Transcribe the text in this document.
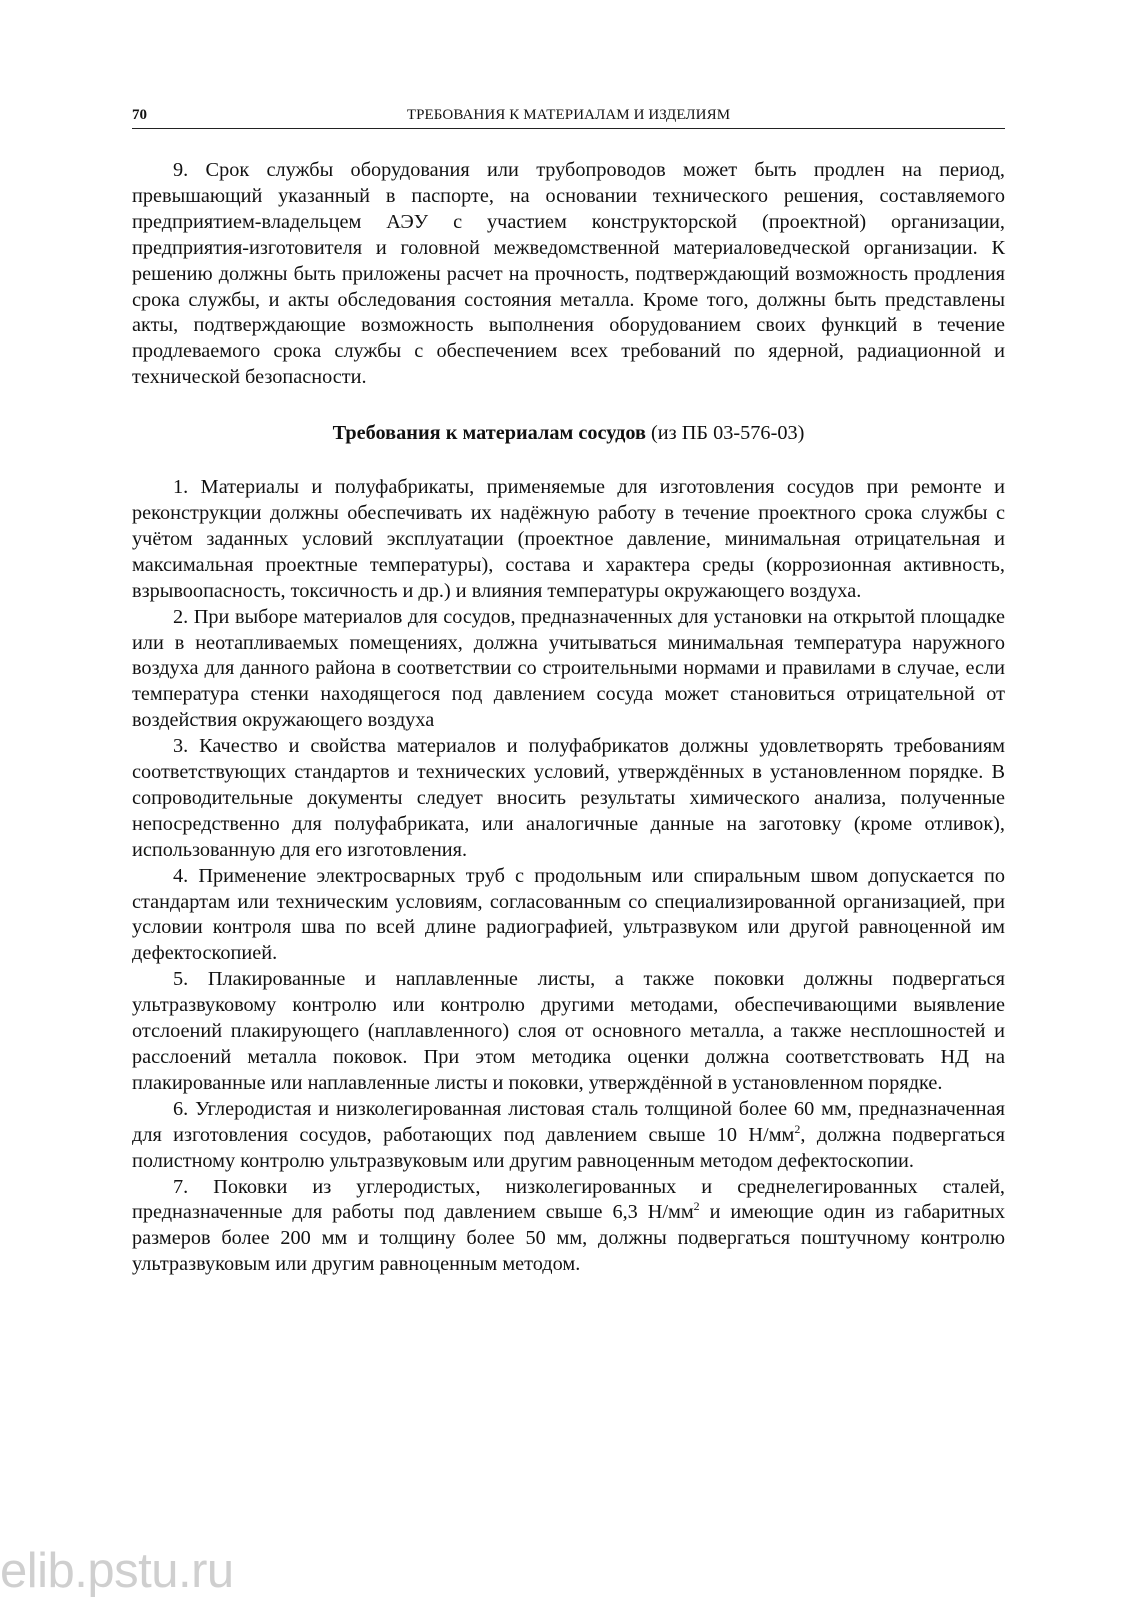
70	ТРЕБОВАНИЯ К МАТЕРИАЛАМ И ИЗДЕЛИЯМ

9. Срок службы оборудования или трубопроводов может быть продлен на период, превышающий указанный в паспорте, на основании технического решения, составляемого предприятием-владельцем АЭУ с участием конструкторской (проектной) организации, предприятия-изготовителя и головной межведомственной материаловедческой организации. К решению должны быть приложены расчет на прочность, подтверждающий возможность продления срока службы, и акты обследования состояния металла. Кроме того, должны быть представлены акты, подтверждающие возможность выполнения оборудованием своих функций в течение продлеваемого срока службы с обеспечением всех требований по ядерной, радиационной и технической безопасности.

Требования к материалам сосудов (из ПБ 03-576-03)

1. Материалы и полуфабрикаты, применяемые для изготовления сосудов при ремонте и реконструкции должны обеспечивать их надёжную работу в течение проектного срока службы с учётом заданных условий эксплуатации (проектное давление, минимальная отрицательная и максимальная проектные температуры), состава и характера среды (коррозионная активность, взрывоопасность, токсичность и др.) и влияния температуры окружающего воздуха.

2. При выборе материалов для сосудов, предназначенных для установки на открытой площадке или в неотапливаемых помещениях, должна учитываться минимальная температура наружного воздуха для данного района в соответствии со строительными нормами и правилами в случае, если температура стенки находящегося под давлением сосуда может становиться отрицательной от воздействия окружающего воздуха

3. Качество и свойства материалов и полуфабрикатов должны удовлетворять требованиям соответствующих стандартов и технических условий, утверждённых в установленном порядке. В сопроводительные документы следует вносить результаты химического анализа, полученные непосредственно для полуфабриката, или аналогичные данные на заготовку (кроме отливок), использованную для его изготовления.

4. Применение электросварных труб с продольным или спиральным швом допускается по стандартам или техническим условиям, согласованным со специализированной организацией, при условии контроля шва по всей длине радиографией, ультразвуком или другой равноценной им дефектоскопией.

5. Плакированные и наплавленные листы, а также поковки должны подвергаться ультразвуковому контролю или контролю другими методами, обеспечивающими выявление отслоений плакирующего (наплавленного) слоя от основного металла, а также несплошностей и расслоений металла поковок. При этом методика оценки должна соответствовать НД на плакированные или наплавленные листы и поковки, утверждённой в установленном порядке.

6. Углеродистая и низколегированная листовая сталь толщиной более 60 мм, предназначенная для изготовления сосудов, работающих под давлением свыше 10 $Н/мм^2$, должна подвергаться полистному контролю ультразвуковым или другим равноценным методом дефектоскопии.

7. Поковки из углеродистых, низколегированных и среднелегированных сталей, предназначенные для работы под давлением свыше 6,3 $Н/мм^2$ и имеющие один из габаритных размеров более 200 мм и толщину более 50 мм, должны подвергаться поштучному контролю ультразвуковым или другим равноценным методом.

elib.pstu.ru
